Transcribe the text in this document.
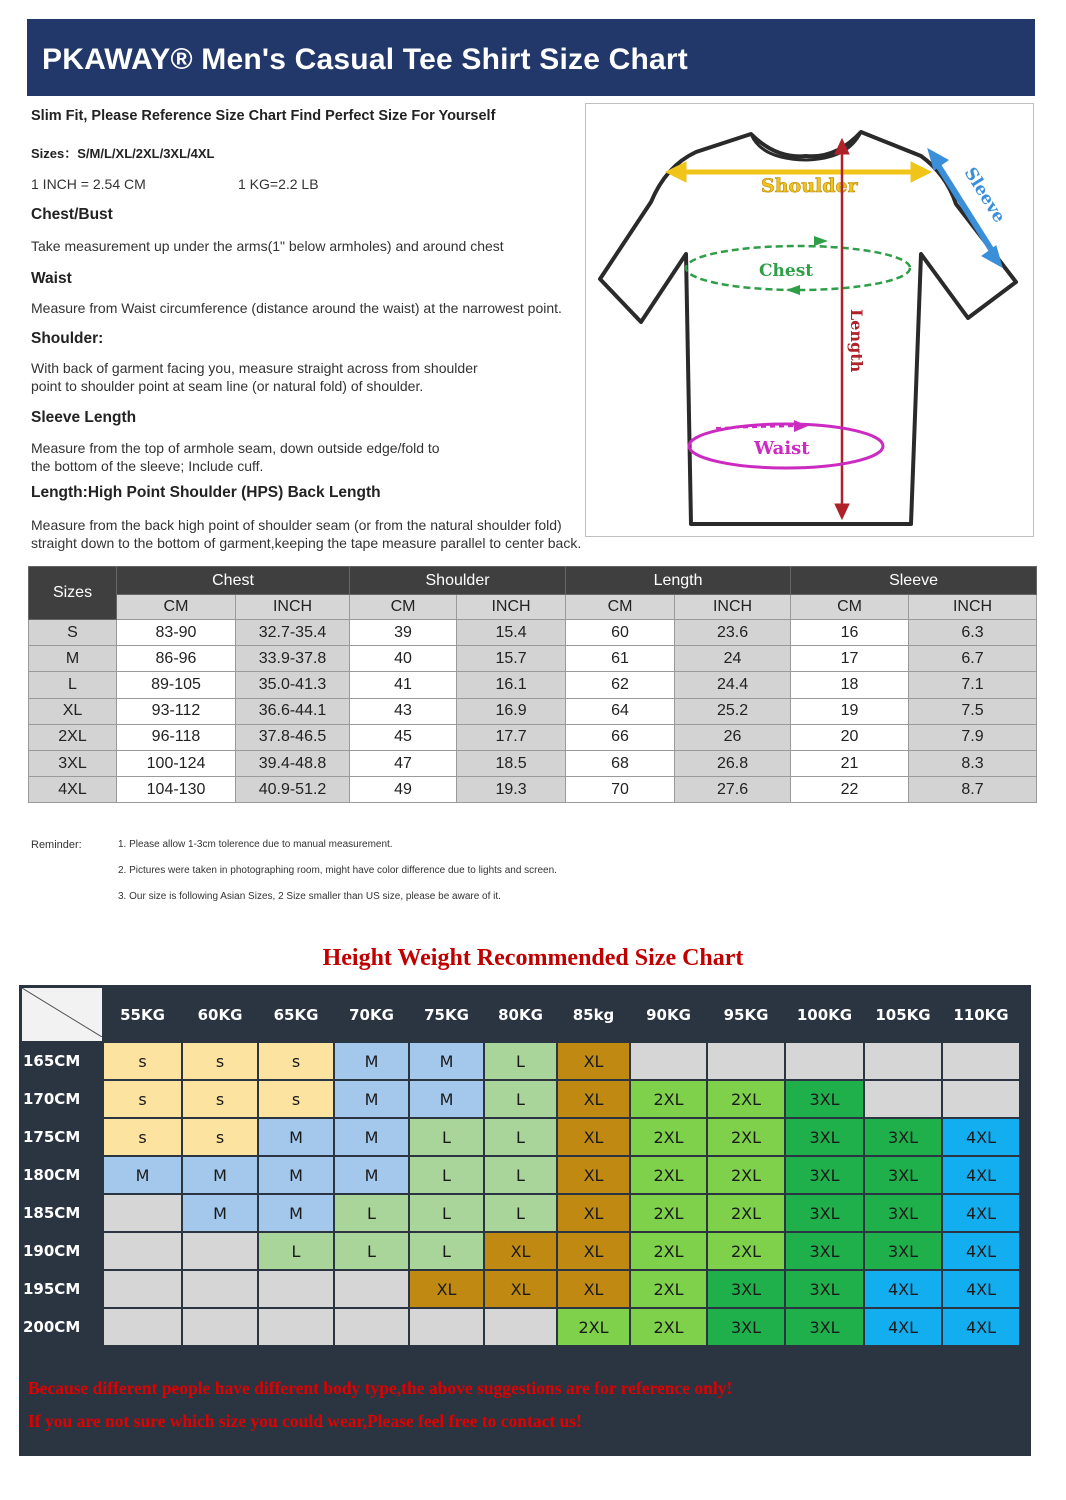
PKAWAY® Men's Casual Tee Shirt Size Chart
Slim Fit, Please Reference Size Chart Find Perfect Size For Yourself
Sizes：S/M/L/XL/2XL/3XL/4XL
1 INCH = 2.54 CM	1 KG=2.2 LB
Chest/Bust
Take measurement up under the arms(1" below armholes) and around chest
Waist
Measure from Waist circumference (distance around the waist) at the narrowest point.
Shoulder:
With back of garment facing you, measure straight across from shoulder
point to shoulder point at seam line (or natural fold) of shoulder.
Sleeve Length
Measure from the top of armhole seam, down outside edge/fold to
the bottom of the sleeve; Include cuff.
Length:High Point Shoulder (HPS) Back Length
Measure from the back high point of shoulder seam (or from the natural shoulder fold)
straight down to the bottom of garment,keeping the tape measure parallel to center back.
Shoulder	Sleeve
Chest
Length
Waist
Sizes	Chest		Shoulder		Length		Sleeve	
	CM	INCH	CM	INCH	CM	INCH	CM	INCH
S	83-90	32.7-35.4	39	15.4	60	23.6	16	6.3
M	86-96	33.9-37.8	40	15.7	61	24	17	6.7
L	89-105	35.0-41.3	41	16.1	62	24.4	18	7.1
XL	93-112	36.6-44.1	43	16.9	64	25.2	19	7.5
2XL	96-118	37.8-46.5	45	17.7	66	26	20	7.9
3XL	100-124	39.4-48.8	47	18.5	68	26.8	21	8.3
4XL	104-130	40.9-51.2	49	19.3	70	27.6	22	8.7
Reminder:	1. Please allow 1-3cm tolerence due to manual measurement.
2. Pictures were taken in photographing room, might have color difference due to lights and screen.
3. Our size is following Asian Sizes, 2 Size smaller than US size, please be aware of it.
Height Weight Recommended Size Chart
	55KG	60KG	65KG	70KG	75KG	80KG	85kg	90KG	95KG	100KG	105KG	110KG
165CM	s	s	s	M	M	L	XL					
170CM	s	s	s	M	M	L	XL	2XL	2XL	3XL		
175CM	s	s	M	M	L	L	XL	2XL	2XL	3XL	3XL	4XL
180CM	M	M	M	M	L	L	XL	2XL	2XL	3XL	3XL	4XL
185CM		M	M	L	L	L	XL	2XL	2XL	3XL	3XL	4XL
190CM			L	L	L	XL	XL	2XL	2XL	3XL	3XL	4XL
195CM					XL	XL	XL	2XL	3XL	3XL	4XL	4XL
200CM							2XL	2XL	3XL	3XL	4XL	4XL
Because different people have different body type,the above suggestions are for reference only!
If you are not sure which size you could wear,Please feel free to contact us!
